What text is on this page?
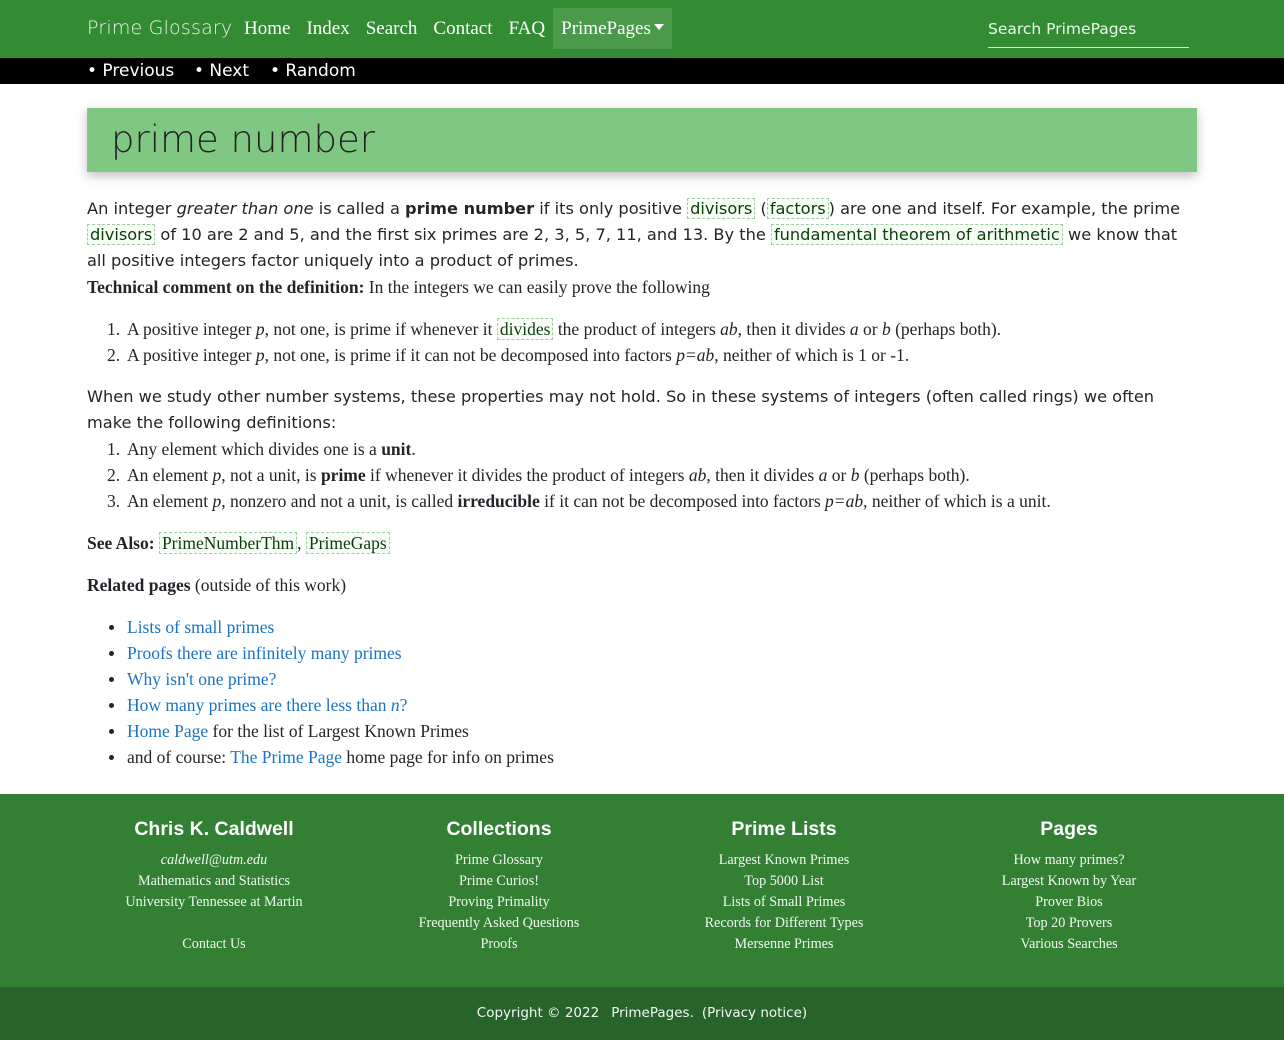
Prime Glossary Home Index Search Contact FAQ PrimePages	Search PrimePages
• Previous • Next • Random
prime number
An integer greater than one is called a prime number if its only positive divisors ( factors ) are one and itself. For example, the prime divisors of 10 are 2 and 5, and the first six primes are 2, 3, 5, 7, 11, and 13. By the fundamental theorem of arithmetic we know that all positive integers factor uniquely into a product of primes.
Technical comment on the definition: In the integers we can easily prove the following
1. A positive integer p, not one, is prime if whenever it divides the product of integers ab, then it divides a or b (perhaps both).
2. A positive integer p, not one, is prime if it can not be decomposed into factors p=ab, neither of which is 1 or -1.
When we study other number systems, these properties may not hold. So in these systems of integers (often called rings) we often make the following definitions:
1. Any element which divides one is a unit.
2. An element p, not a unit, is prime if whenever it divides the product of integers ab, then it divides a or b (perhaps both).
3. An element p, nonzero and not a unit, is called irreducible if it can not be decomposed into factors p=ab, neither of which is a unit.
See Also: PrimeNumberThm , PrimeGaps
Related pages (outside of this work)
Lists of small primes
Proofs there are infinitely many primes
Why isn't one prime?
How many primes are there less than n?
Home Page for the list of Largest Known Primes
and of course: The Prime Page home page for info on primes
Chris K. Caldwell
caldwell@utm.edu
Mathematics and Statistics
University Tennessee at Martin

Contact Us
Collections
Prime Glossary
Prime Curios!
Proving Primality
Frequently Asked Questions
Proofs
Prime Lists
Largest Known Primes
Top 5000 List
Lists of Small Primes
Records for Different Types
Mersenne Primes
Pages
How many primes?
Largest Known by Year
Prover Bios
Top 20 Provers
Various Searches
Copyright © 2022 PrimePages. (Privacy notice)
